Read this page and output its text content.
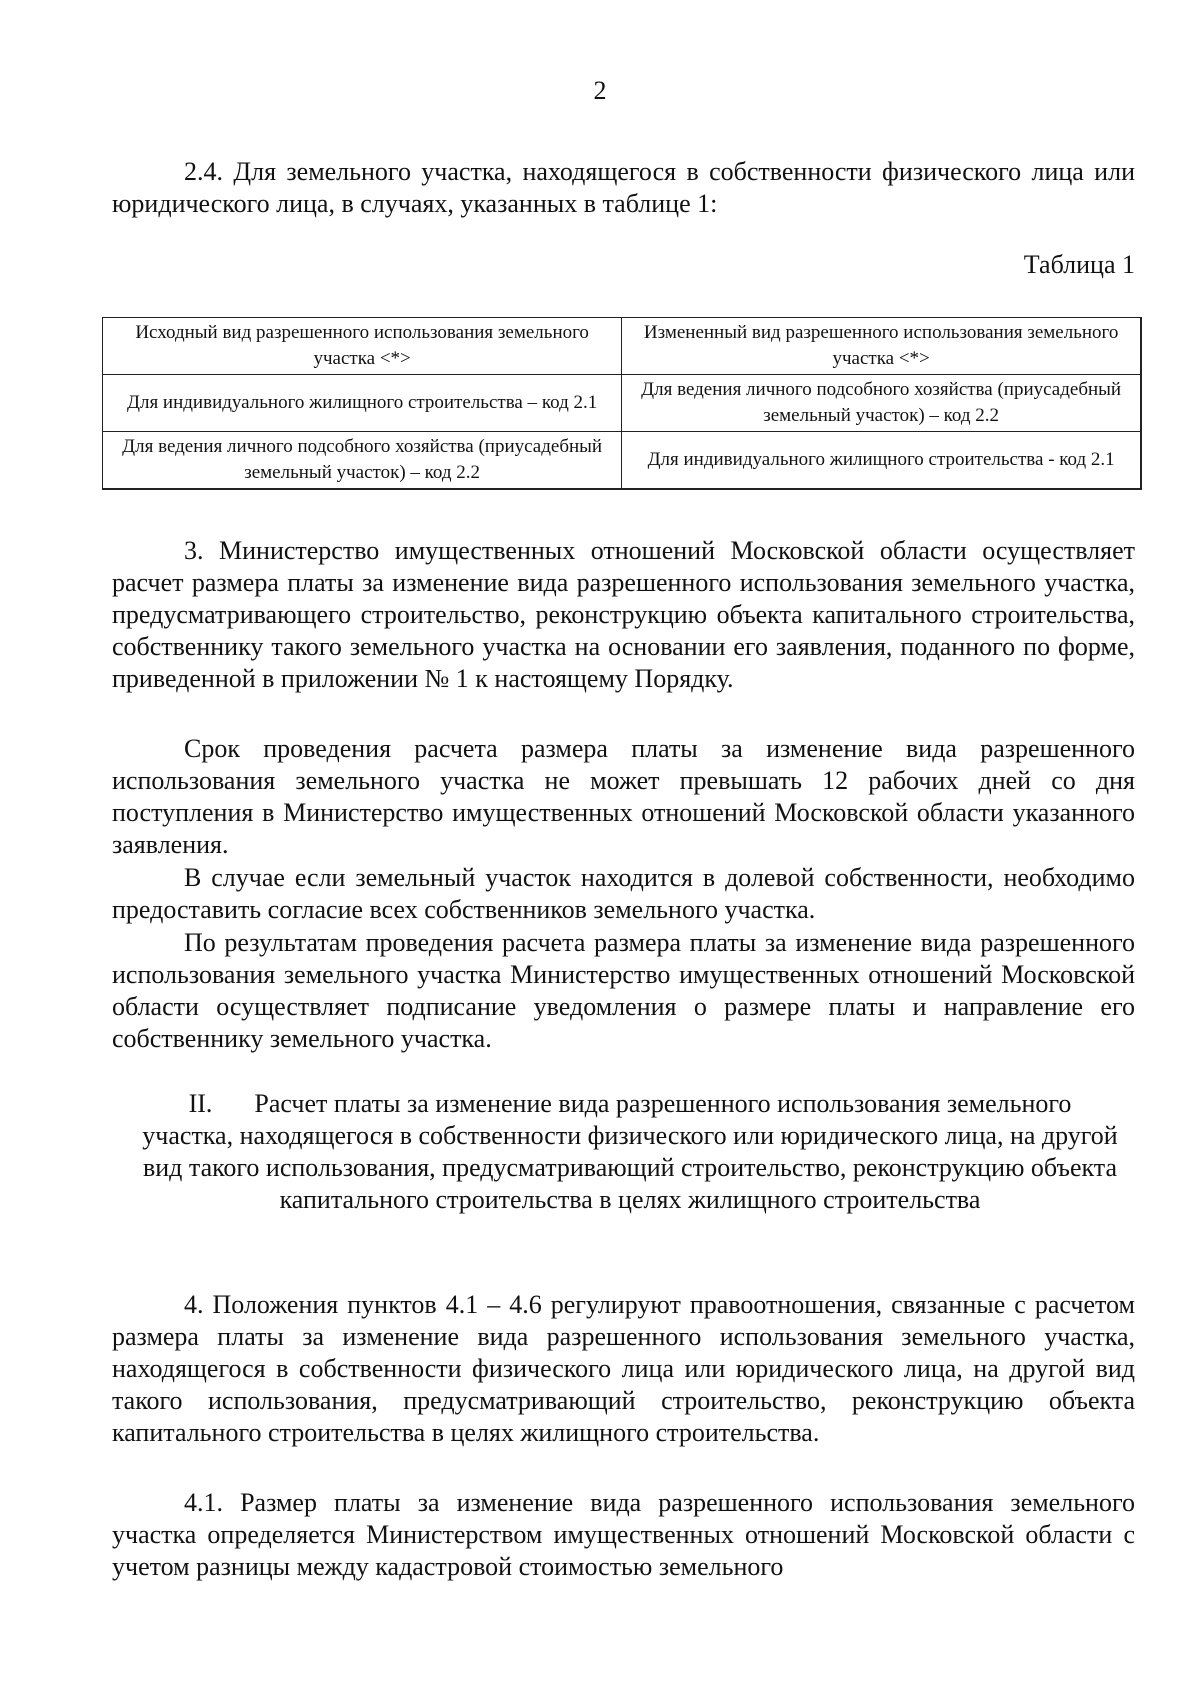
2

2.4. Для земельного участка, находящегося в собственности физического лица или юридического лица, в случаях, указанных в таблице 1:

Таблица 1
Исходный вид разрешенного использования земельного участка <*>	Измененный вид разрешенного использования земельного участка <*>
Для индивидуального жилищного строительства – код 2.1	Для ведения личного подсобного хозяйства (приусадебный земельный участок) – код 2.2
Для ведения личного подсобного хозяйства (приусадебный земельный участок) – код 2.2	Для индивидуального жилищного строительства - код 2.1

3. Министерство имущественных отношений Московской области осуществляет расчет размера платы за изменение вида разрешенного использования земельного участка, предусматривающего строительство, реконструкцию объекта капитального строительства, собственнику такого земельного участка на основании его заявления, поданного по форме, приведенной в приложении № 1 к настоящему Порядку.

Срок проведения расчета размера платы за изменение вида разрешенного использования земельного участка не может превышать 12 рабочих дней со дня поступления в Министерство имущественных отношений Московской области указанного заявления.

В случае если земельный участок находится в долевой собственности, необходимо предоставить согласие всех собственников земельного участка.

По результатам проведения расчета размера платы за изменение вида разрешенного использования земельного участка Министерство имущественных отношений Московской области осуществляет подписание уведомления о размере платы и направление его собственнику земельного участка.

II. Расчет платы за изменение вида разрешенного использования земельного участка, находящегося в собственности физического или юридического лица, на другой вид такого использования, предусматривающий строительство, реконструкцию объекта капитального строительства в целях жилищного строительства

4. Положения пунктов 4.1 – 4.6 регулируют правоотношения, связанные с расчетом размера платы за изменение вида разрешенного использования земельного участка, находящегося в собственности физического лица или юридического лица, на другой вид такого использования, предусматривающий строительство, реконструкцию объекта капитального строительства в целях жилищного строительства.

4.1. Размер платы за изменение вида разрешенного использования земельного участка определяется Министерством имущественных отношений Московской области с учетом разницы между кадастровой стоимостью земельного
